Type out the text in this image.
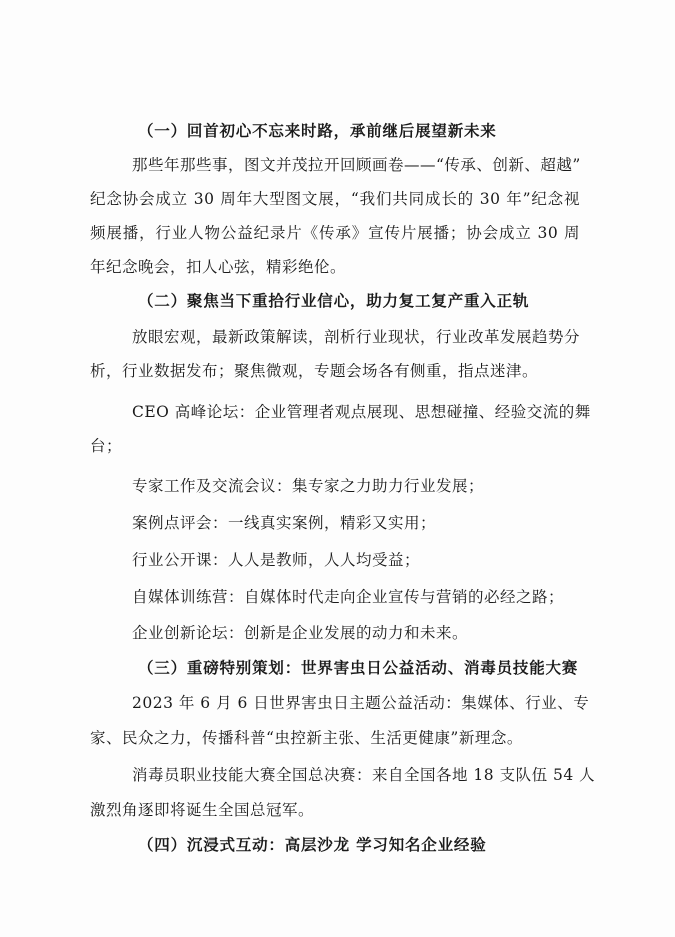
（一）回首初心不忘来时路，承前继后展望新未来
那些年那些事，图文并茂拉开回顾画卷——“传承、创新、超越”
纪念协会成立 30 周年大型图文展，“我们共同成长的 30 年”纪念视
频展播，行业人物公益纪录片《传承》宣传片展播；协会成立 30 周
年纪念晚会，扣人心弦，精彩绝伦。
（二）聚焦当下重拾行业信心，助力复工复产重入正轨
放眼宏观，最新政策解读，剖析行业现状，行业改革发展趋势分
析，行业数据发布；聚焦微观，专题会场各有侧重，指点迷津。
CEO 高峰论坛：企业管理者观点展现、思想碰撞、经验交流的舞
台；
专家工作及交流会议：集专家之力助力行业发展；
案例点评会：一线真实案例，精彩又实用；
行业公开课：人人是教师，人人均受益；
自媒体训练营：自媒体时代走向企业宣传与营销的必经之路；
企业创新论坛：创新是企业发展的动力和未来。
（三）重磅特别策划：世界害虫日公益活动、消毒员技能大赛
2023 年 6 月 6 日世界害虫日主题公益活动：集媒体、行业、专
家、民众之力，传播科普“虫控新主张、生活更健康”新理念。
消毒员职业技能大赛全国总决赛：来自全国各地 18 支队伍 54 人
激烈角逐即将诞生全国总冠军。
（四）沉浸式互动：高层沙龙 学习知名企业经验
